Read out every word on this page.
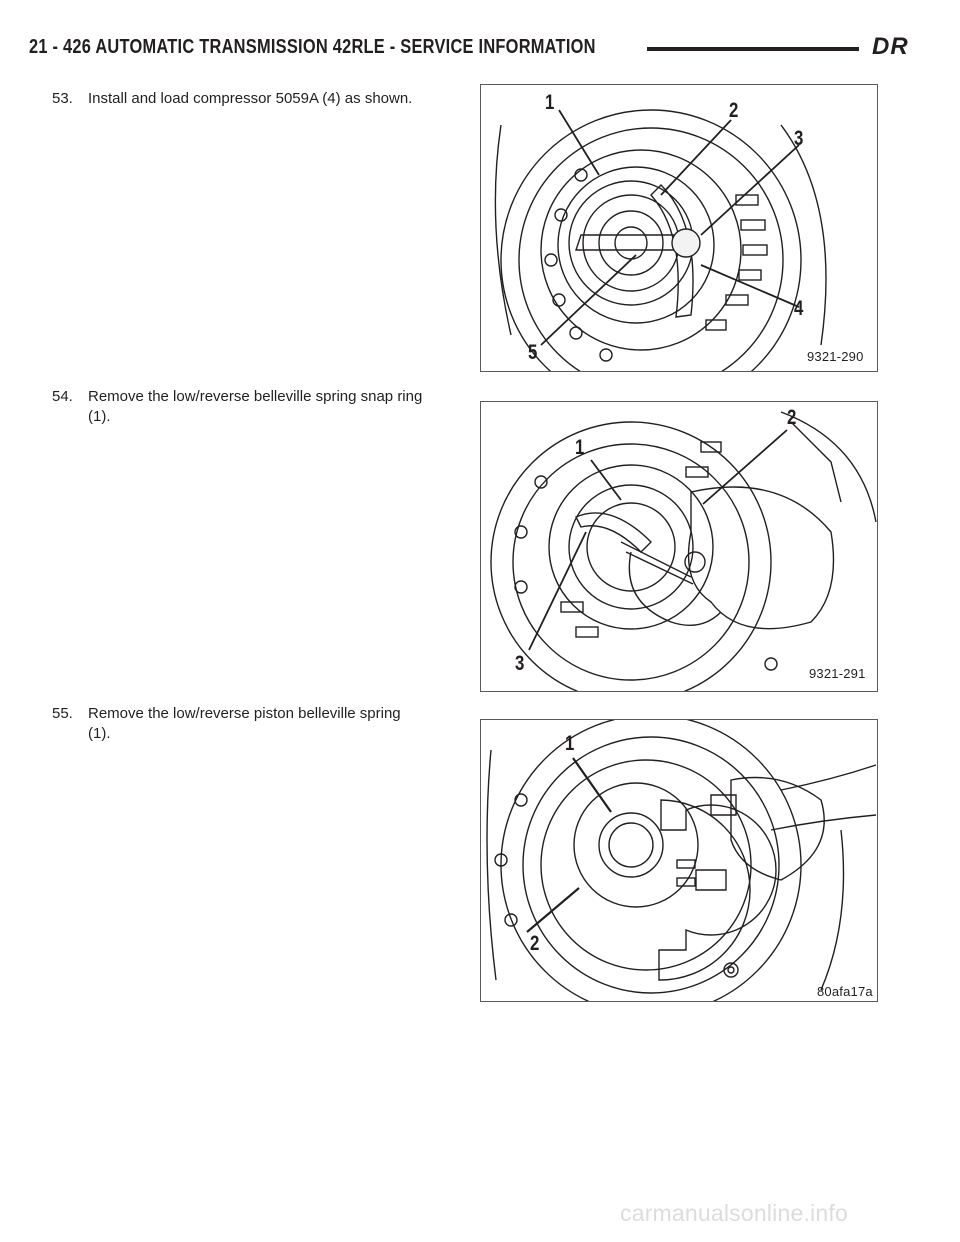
21 - 426 AUTOMATIC TRANSMISSION 42RLE - SERVICE INFORMATION	DR
53. Install and load compressor 5059A (4) as shown.
54. Remove the low/reverse belleville spring snap ring
(1).
55. Remove the low/reverse piston belleville spring
(1).
1	2
3
4
5	9321-290
1
2
3	9321-291
1
2
80afa17a
carmanualsonline.info
